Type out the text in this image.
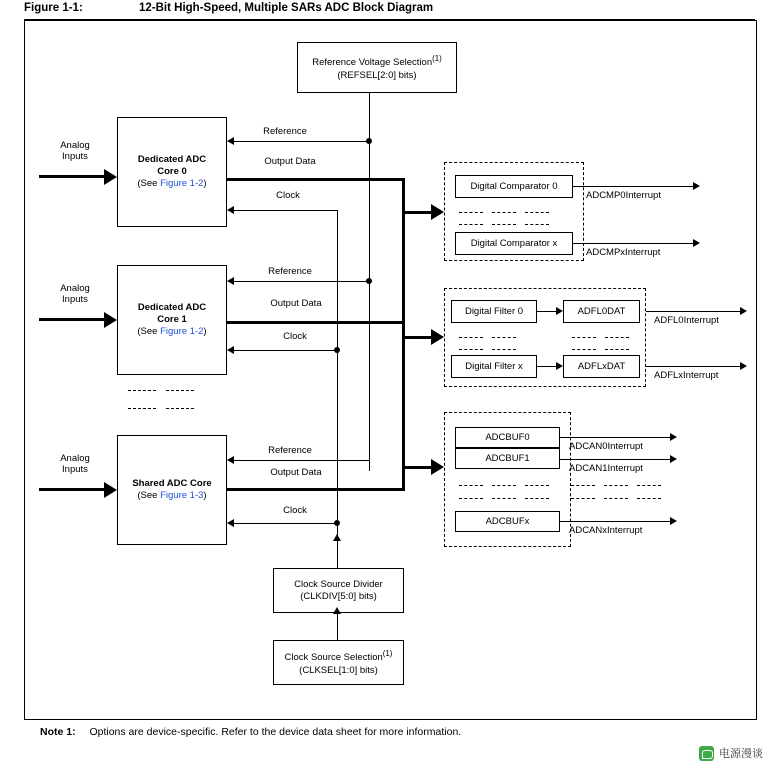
Figure 1-1:	12-Bit High-Speed, Multiple SARs ADC Block Diagram
Reference Voltage Selection$^{(1)}$
(REFSEL[2:0] bits)
Dedicated ADC
Core 0
(See Figure 1-2)
Dedicated ADC
Core 1
(See Figure 1-2)
Shared ADC Core
(See Figure 1-3)
Clock Source Divider
(CLKDIV[5:0] bits)
Clock Source Selection$^{(1)}$
(CLKSEL[1:0] bits)
Digital Comparator 0
Digital Comparator x
ADCMP0Interrupt
ADCMPxInterrupt
Digital Filter 0	ADFL0DAT
Digital Filter x	ADFLxDAT
ADFL0Interrupt
ADFLxInterrupt
ADCBUF0
ADCBUF1
ADCBUFx
ADCAN0Interrupt
ADCAN1Interrupt
ADCANxInterrupt
Analog
Inputs
Analog
Inputs
Analog
Inputs
Reference
Reference
Reference
Output Data
Output Data
Output Data
Clock
Clock
Clock
Note 1: Options are device-specific. Refer to the device data sheet for more information.
电源漫谈
